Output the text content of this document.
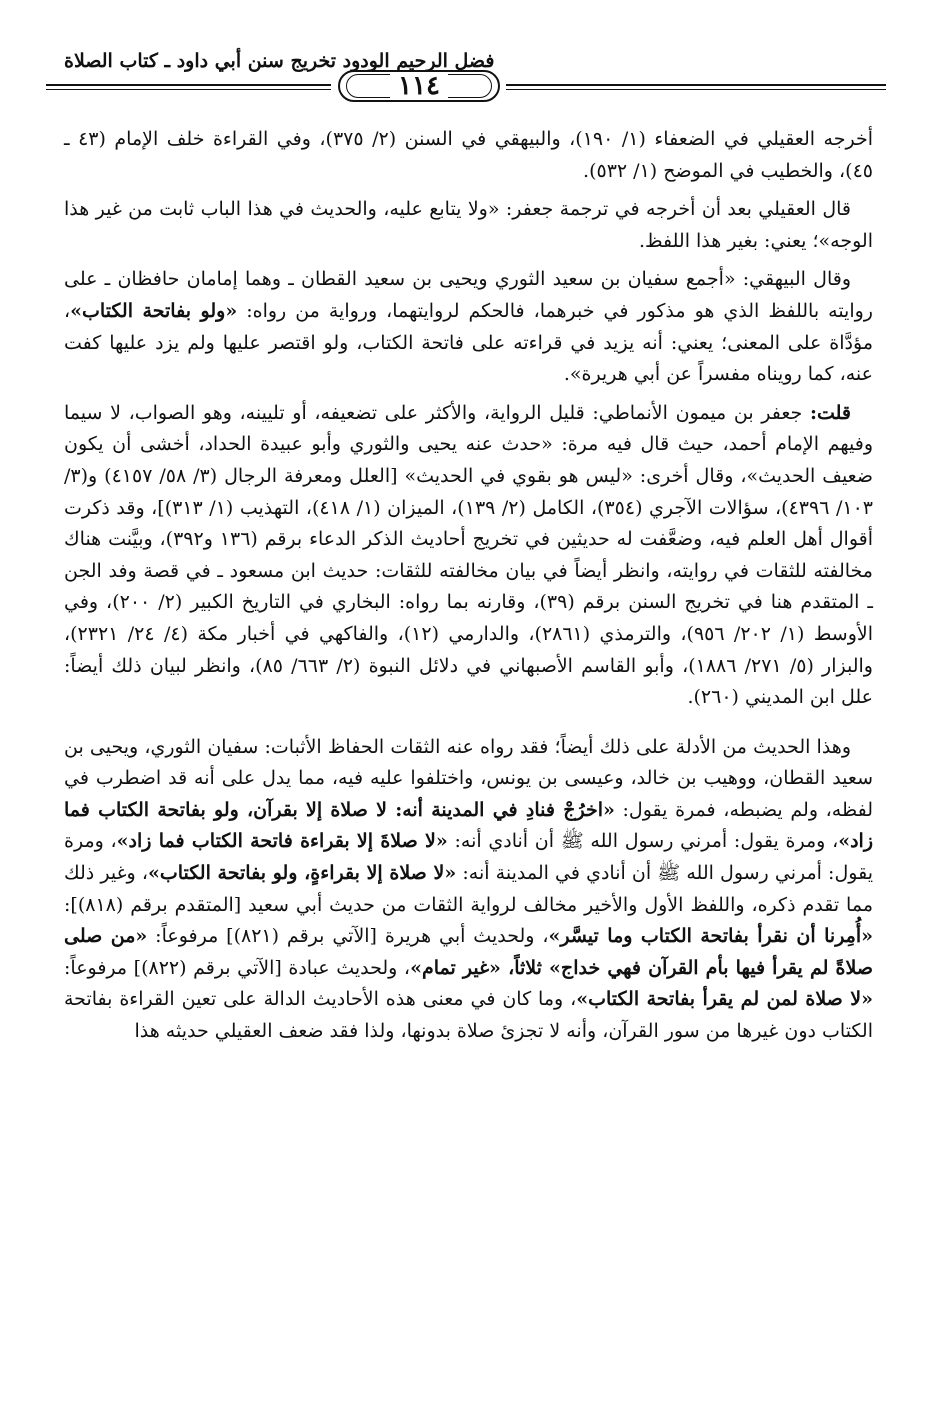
فضل الرحيم الودود تخريج سنن أبي داود ـ كتاب الصلاة
١١٤

أخرجه العقيلي في الضعفاء (١/ ١٩٠)، والبيهقي في السنن (٢/ ٣٧٥)، وفي القراءة خلف الإمام (٤٣ ـ ٤٥)، والخطيب في الموضح (١/ ٥٣٢).

قال العقيلي بعد أن أخرجه في ترجمة جعفر: «ولا يتابع عليه، والحديث في هذا الباب ثابت من غير هذا الوجه»؛ يعني: بغير هذا اللفظ.

وقال البيهقي: «أجمع سفيان بن سعيد الثوري ويحيى بن سعيد القطان ـ وهما إمامان حافظان ـ على روايته باللفظ الذي هو مذكور في خبرهما، فالحكم لروايتهما، ورواية من رواه: «ولو بفاتحة الكتاب»، مؤدَّاة على المعنى؛ يعني: أنه يزيد في قراءته على فاتحة الكتاب، ولو اقتصر عليها ولم يزد عليها كفت عنه، كما رويناه مفسراً عن أبي هريرة».

قلت: جعفر بن ميمون الأنماطي: قليل الرواية، والأكثر على تضعيفه، أو تليينه، وهو الصواب، لا سيما وفيهم الإمام أحمد، حيث قال فيه مرة: «حدث عنه يحيى والثوري وأبو عبيدة الحداد، أخشى أن يكون ضعيف الحديث»، وقال أخرى: «ليس هو بقوي في الحديث» [العلل ومعرفة الرجال (٣/ ٥٨/ ٤١٥٧) و(٣/ ١٠٣/ ٤٣٩٦)، سؤالات الآجري (٣٥٤)، الكامل (٢/ ١٣٩)، الميزان (١/ ٤١٨)، التهذيب (١/ ٣١٣)]، وقد ذكرت أقوال أهل العلم فيه، وضعَّفت له حديثين في تخريج أحاديث الذكر الدعاء برقم (١٣٦ و٣٩٢)، وبيَّنت هناك مخالفته للثقات في روايته، وانظر أيضاً في بيان مخالفته للثقات: حديث ابن مسعود ـ في قصة وفد الجن ـ المتقدم هنا في تخريج السنن برقم (٣٩)، وقارنه بما رواه: البخاري في التاريخ الكبير (٢/ ٢٠٠)، وفي الأوسط (١/ ٢٠٢/ ٩٥٦)، والترمذي (٢٨٦١)، والدارمي (١٢)، والفاكهي في أخبار مكة (٤/ ٢٤/ ٢٣٢١)، والبزار (٥/ ٢٧١/ ١٨٨٦)، وأبو القاسم الأصبهاني في دلائل النبوة (٢/ ٦٦٣/ ٨٥)، وانظر لبيان ذلك أيضاً: علل ابن المديني (٢٦٠).

وهذا الحديث من الأدلة على ذلك أيضاً؛ فقد رواه عنه الثقات الحفاظ الأثبات: سفيان الثوري، ويحيى بن سعيد القطان، ووهيب بن خالد، وعيسى بن يونس، واختلفوا عليه فيه، مما يدل على أنه قد اضطرب في لفظه، ولم يضبطه، فمرة يقول: «اخرُجْ فنادِ في المدينة أنه: لا صلاة إلا بقرآن، ولو بفاتحة الكتاب فما زاد»، ومرة يقول: أمرني رسول الله ﷺ أن أنادي أنه: «لا صلاةَ إلا بقراءة فاتحة الكتاب فما زاد»، ومرة يقول: أمرني رسول الله ﷺ أن أنادي في المدينة أنه: «لا صلاة إلا بقراءةٍ، ولو بفاتحة الكتاب»، وغير ذلك مما تقدم ذكره، واللفظ الأول والأخير مخالف لرواية الثقات من حديث أبي سعيد [المتقدم برقم (٨١٨)]: «أُمِرنا أن نقرأ بفاتحة الكتاب وما تيسَّر»، ولحديث أبي هريرة [الآتي برقم (٨٢١)] مرفوعاً: «من صلى صلاةً لم يقرأ فيها بأم القرآن فهي خداج» ثلاثاً، «غير تمام»، ولحديث عبادة [الآتي برقم (٨٢٢)] مرفوعاً: «لا صلاة لمن لم يقرأ بفاتحة الكتاب»، وما كان في معنى هذه الأحاديث الدالة على تعين القراءة بفاتحة الكتاب دون غيرها من سور القرآن، وأنه لا تجزئ صلاة بدونها، ولذا فقد ضعف العقيلي حديثه هذا
